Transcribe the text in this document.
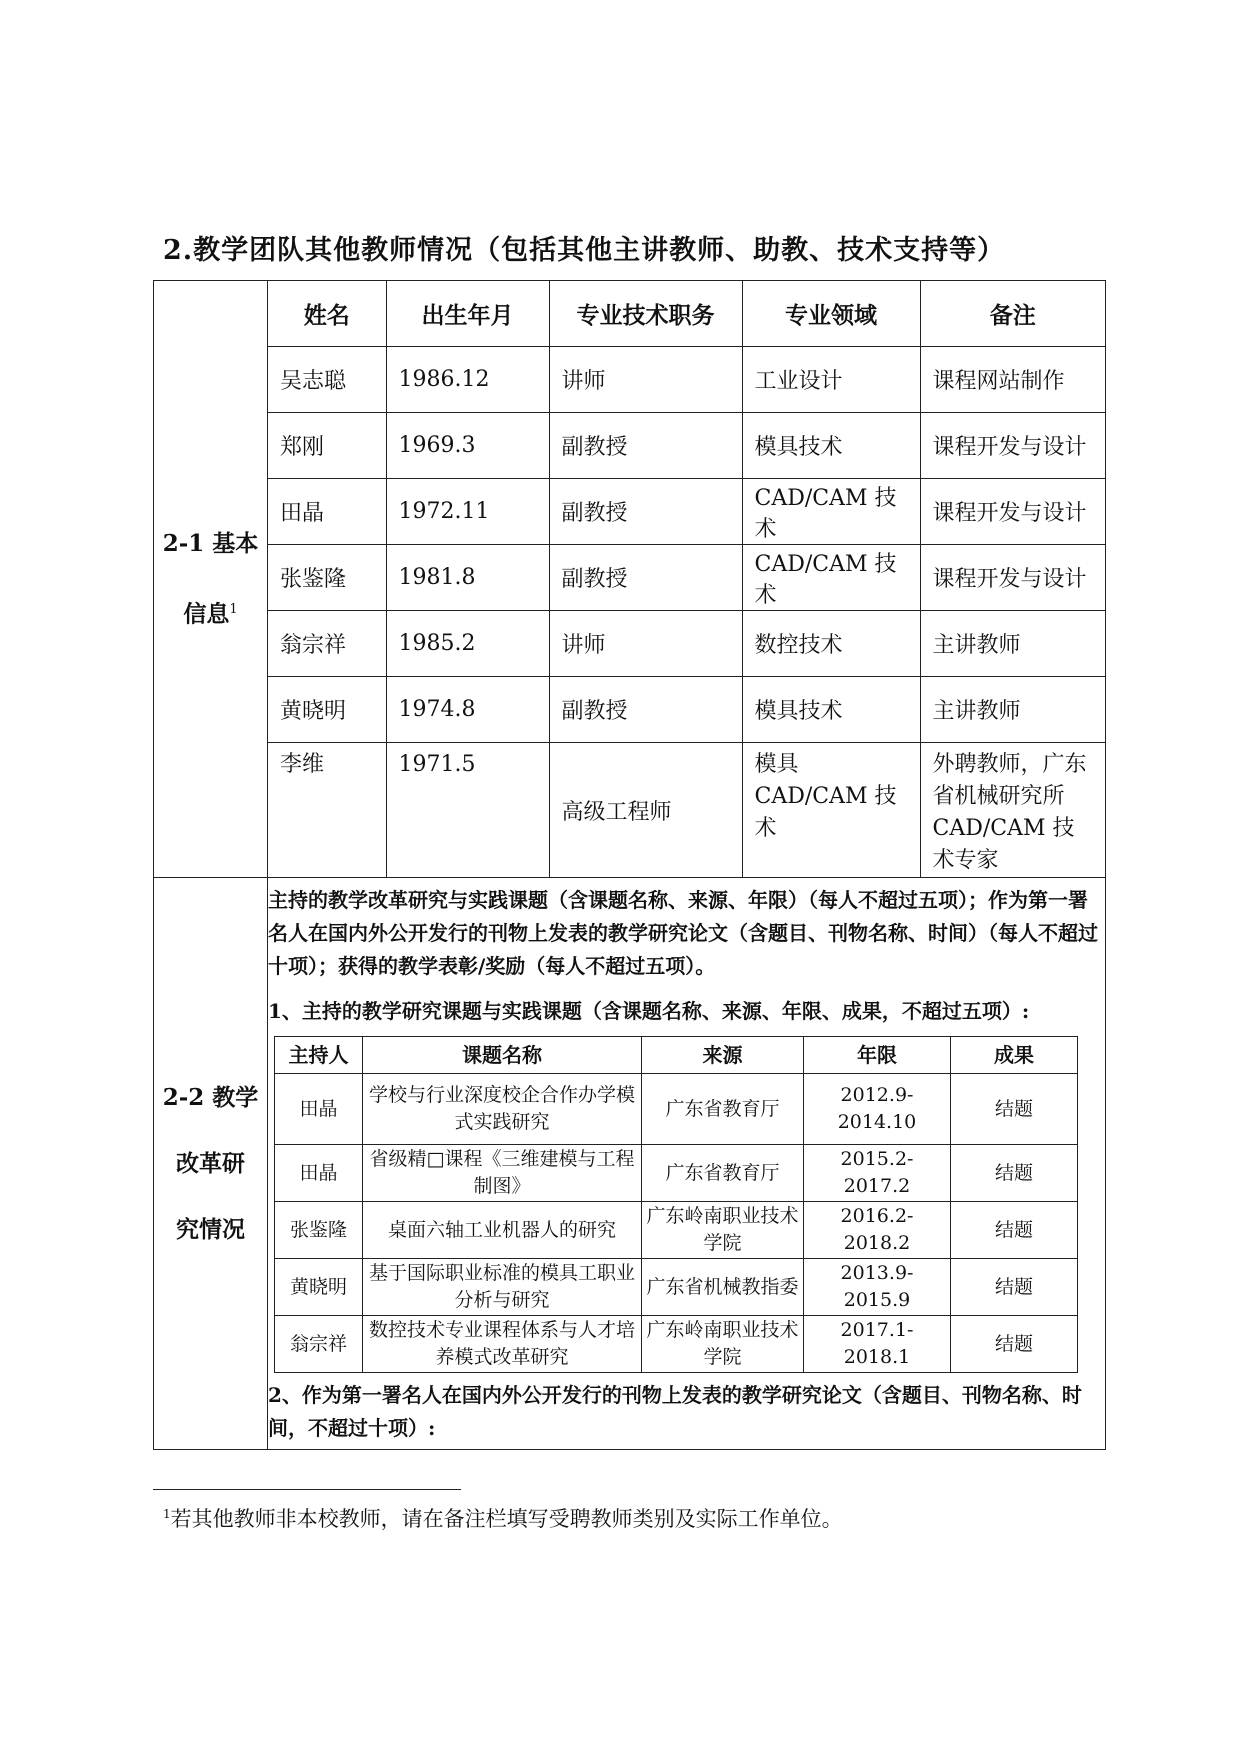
2.教学团队其他教师情况（包括其他主讲教师、助教、技术支持等）
2-1 基本
信息$^1$

姓名	出生年月	专业技术职务	专业领域	备注
吴志聪	1986.12	讲师	工业设计	课程网站制作
郑刚	1969.3	副教授	模具技术	课程开发与设计
田晶	1972.11	副教授	CAD/CAM 技术	课程开发与设计
张鉴隆	1981.8	副教授	CAD/CAM 技术	课程开发与设计
翁宗祥	1985.2	讲师	数控技术	主讲教师
黄晓明	1974.8	副教授	模具技术	主讲教师
李维	1971.5	高级工程师	模具 CAD/CAM 技术	外聘教师，广东省机械研究所 CAD/CAM 技术专家

2-2 教学
改革研
究情况

主持的教学改革研究与实践课题（含课题名称、来源、年限）（每人不超过五项）；作为第一署名人在国内外公开发行的刊物上发表的教学研究论文（含题目、刊物名称、时间）（每人不超过十项）；获得的教学表彰/奖励（每人不超过五项）。

1、主持的教学研究课题与实践课题（含课题名称、来源、年限、成果，不超过五项）:

主持人	课题名称	来源	年限	成果
田晶	学校与行业深度校企合作办学模式实践研究	广东省教育厅	2012.9-2014.10	结题
田晶	省级精□课程《三维建模与工程制图》	广东省教育厅	2015.2-2017.2	结题
张鉴隆	桌面六轴工业机器人的研究	广东岭南职业技术学院	2016.2-2018.2	结题
黄晓明	基于国际职业标准的模具工职业分析与研究	广东省机械教指委	2013.9-2015.9	结题
翁宗祥	数控技术专业课程体系与人才培养模式改革研究	广东岭南职业技术学院	2017.1-2018.1	结题

2、作为第一署名人在国内外公开发行的刊物上发表的教学研究论文（含题目、刊物名称、时间，不超过十项）:

$^1$若其他教师非本校教师，请在备注栏填写受聘教师类别及实际工作单位。
